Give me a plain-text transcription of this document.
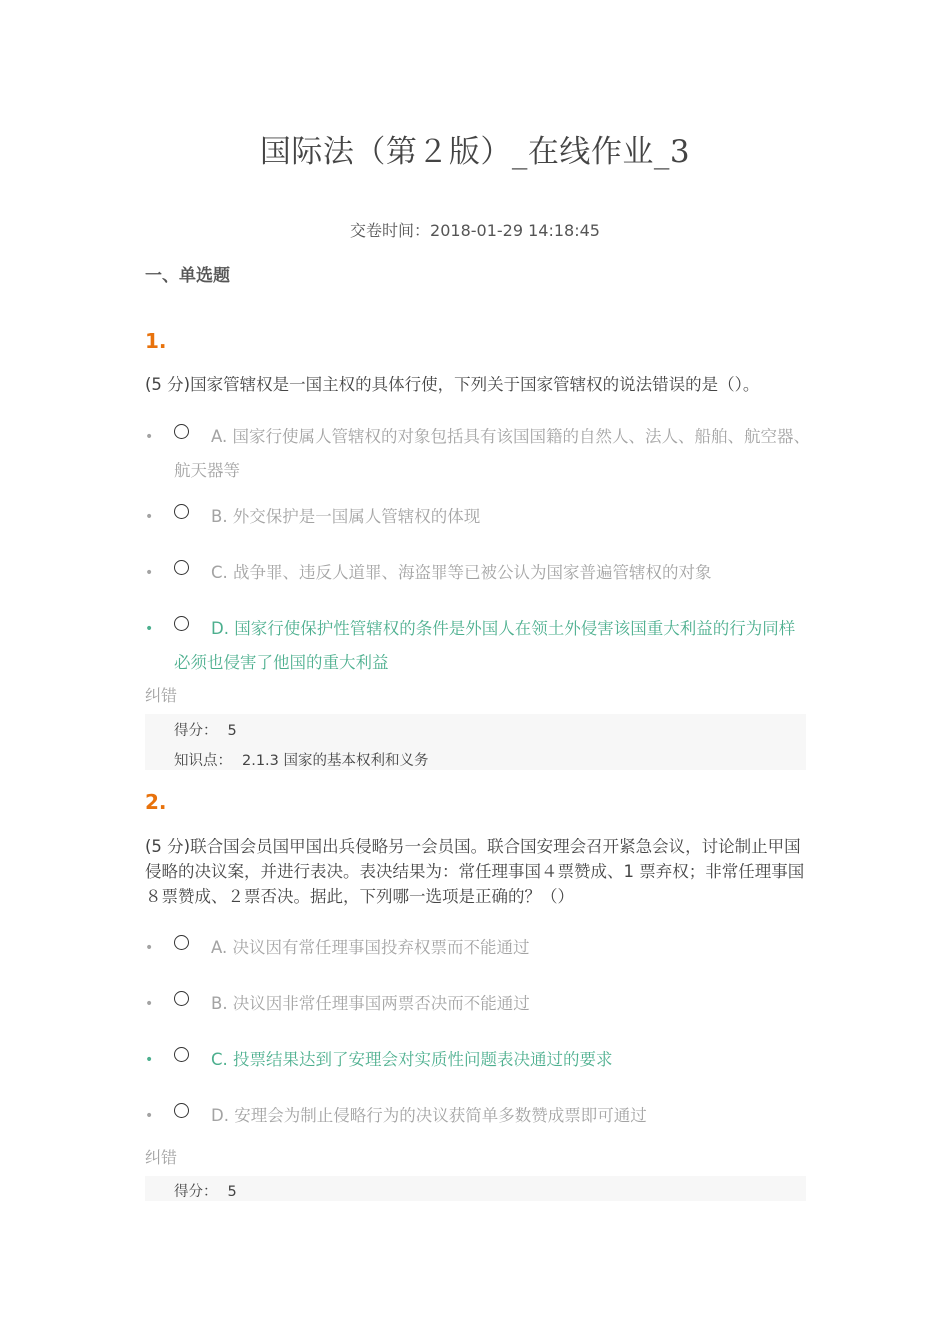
国际法（第２版）_在线作业_3
交卷时间：2018-01-29 14:18:45
一、单选题
1.
(5 分)国家管辖权是一国主权的具体行使，下列关于国家管辖权的说法错误的是（）。
•	A. 国家行使属人管辖权的对象包括具有该国国籍的自然人、法人、船舶、航空器、航天器等
•	B. 外交保护是一国属人管辖权的体现
•	C. 战争罪、违反人道罪、海盗罪等已被公认为国家普遍管辖权的对象
•	D. 国家行使保护性管辖权的条件是外国人在领土外侵害该国重大利益的行为同样必须也侵害了他国的重大利益
纠错
得分： 5
知识点： 2.1.3 国家的基本权利和义务
2.
(5 分)联合国会员国甲国出兵侵略另一会员国。联合国安理会召开紧急会议，讨论制止甲国侵略的决议案，并进行表决。表决结果为：常任理事国４票赞成、1 票弃权；非常任理事国８票赞成、２票否决。据此，下列哪一选项是正确的？（）
•	A. 决议因有常任理事国投弃权票而不能通过
•	B. 决议因非常任理事国两票否决而不能通过
•	C. 投票结果达到了安理会对实质性问题表决通过的要求
•	D. 安理会为制止侵略行为的决议获简单多数赞成票即可通过
纠错
得分： 5
